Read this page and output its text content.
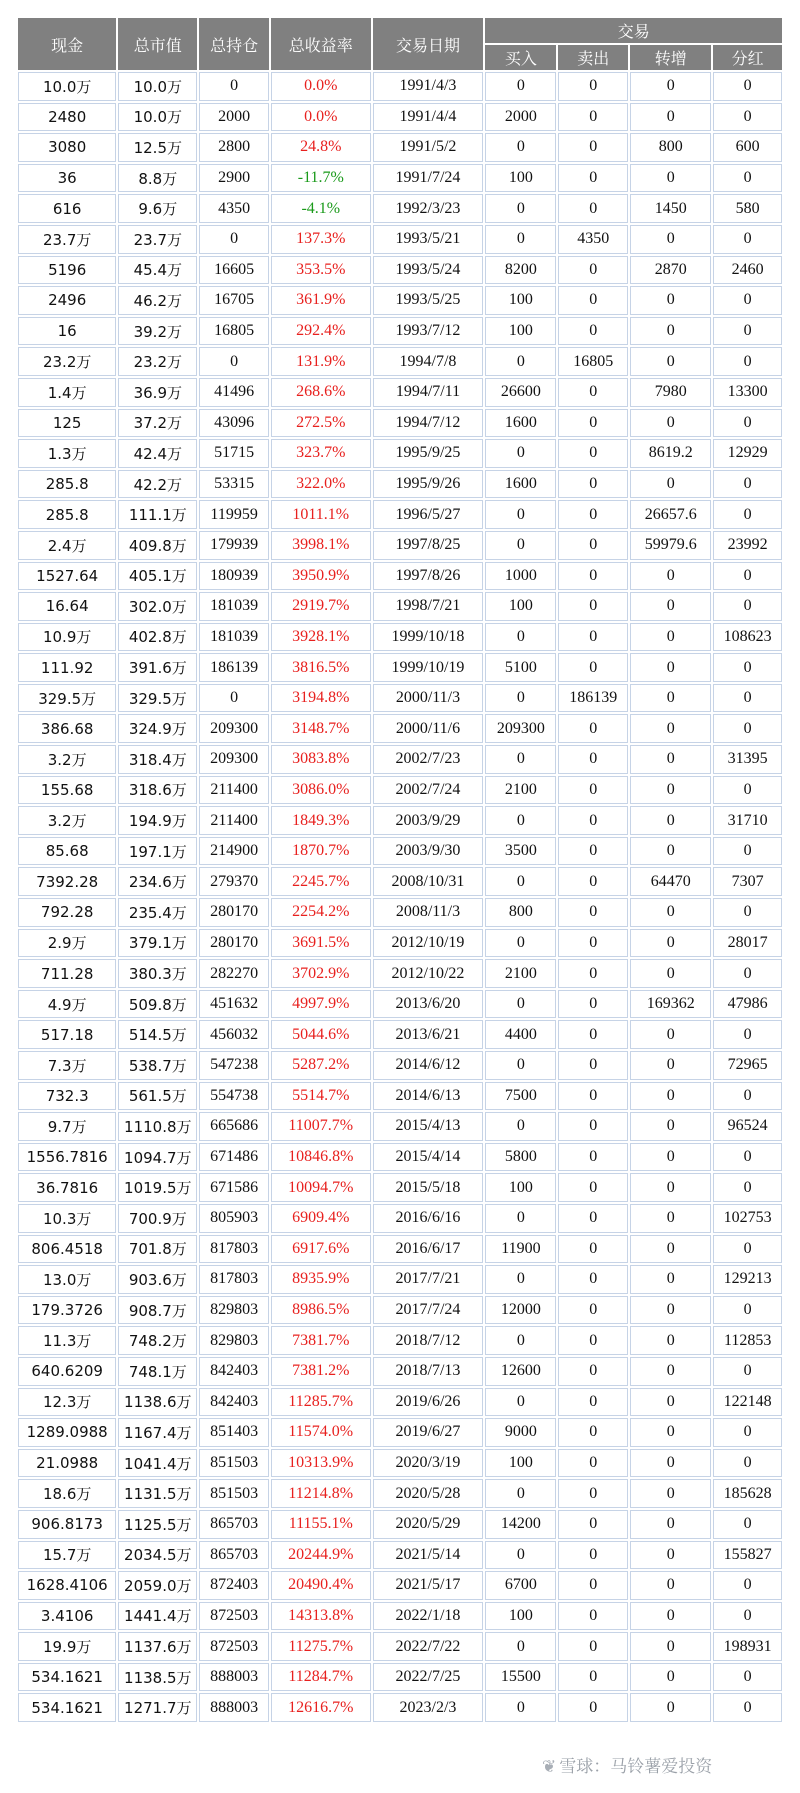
现金	总市值	总持仓	总收益率	交易日期	交易			
					买入	卖出	转增	分红
10.0万	10.0万	0	0.0%	1991/4/3	0	0	0	0
2480	10.0万	2000	0.0%	1991/4/4	2000	0	0	0
3080	12.5万	2800	24.8%	1991/5/2	0	0	800	600
36	8.8万	2900	-11.7%	1991/7/24	100	0	0	0
616	9.6万	4350	-4.1%	1992/3/23	0	0	1450	580
23.7万	23.7万	0	137.3%	1993/5/21	0	4350	0	0
5196	45.4万	16605	353.5%	1993/5/24	8200	0	2870	2460
2496	46.2万	16705	361.9%	1993/5/25	100	0	0	0
16	39.2万	16805	292.4%	1993/7/12	100	0	0	0
23.2万	23.2万	0	131.9%	1994/7/8	0	16805	0	0
1.4万	36.9万	41496	268.6%	1994/7/11	26600	0	7980	13300
125	37.2万	43096	272.5%	1994/7/12	1600	0	0	0
1.3万	42.4万	51715	323.7%	1995/9/25	0	0	8619.2	12929
285.8	42.2万	53315	322.0%	1995/9/26	1600	0	0	0
285.8	111.1万	119959	1011.1%	1996/5/27	0	0	26657.6	0
2.4万	409.8万	179939	3998.1%	1997/8/25	0	0	59979.6	23992
1527.64	405.1万	180939	3950.9%	1997/8/26	1000	0	0	0
16.64	302.0万	181039	2919.7%	1998/7/21	100	0	0	0
10.9万	402.8万	181039	3928.1%	1999/10/18	0	0	0	108623
111.92	391.6万	186139	3816.5%	1999/10/19	5100	0	0	0
329.5万	329.5万	0	3194.8%	2000/11/3	0	186139	0	0
386.68	324.9万	209300	3148.7%	2000/11/6	209300	0	0	0
3.2万	318.4万	209300	3083.8%	2002/7/23	0	0	0	31395
155.68	318.6万	211400	3086.0%	2002/7/24	2100	0	0	0
3.2万	194.9万	211400	1849.3%	2003/9/29	0	0	0	31710
85.68	197.1万	214900	1870.7%	2003/9/30	3500	0	0	0
7392.28	234.6万	279370	2245.7%	2008/10/31	0	0	64470	7307
792.28	235.4万	280170	2254.2%	2008/11/3	800	0	0	0
2.9万	379.1万	280170	3691.5%	2012/10/19	0	0	0	28017
711.28	380.3万	282270	3702.9%	2012/10/22	2100	0	0	0
4.9万	509.8万	451632	4997.9%	2013/6/20	0	0	169362	47986
517.18	514.5万	456032	5044.6%	2013/6/21	4400	0	0	0
7.3万	538.7万	547238	5287.2%	2014/6/12	0	0	0	72965
732.3	561.5万	554738	5514.7%	2014/6/13	7500	0	0	0
9.7万	1110.8万	665686	11007.7%	2015/4/13	0	0	0	96524
1556.7816	1094.7万	671486	10846.8%	2015/4/14	5800	0	0	0
36.7816	1019.5万	671586	10094.7%	2015/5/18	100	0	0	0
10.3万	700.9万	805903	6909.4%	2016/6/16	0	0	0	102753
806.4518	701.8万	817803	6917.6%	2016/6/17	11900	0	0	0
13.0万	903.6万	817803	8935.9%	2017/7/21	0	0	0	129213
179.3726	908.7万	829803	8986.5%	2017/7/24	12000	0	0	0
11.3万	748.2万	829803	7381.7%	2018/7/12	0	0	0	112853
640.6209	748.1万	842403	7381.2%	2018/7/13	12600	0	0	0
12.3万	1138.6万	842403	11285.7%	2019/6/26	0	0	0	122148
1289.0988	1167.4万	851403	11574.0%	2019/6/27	9000	0	0	0
21.0988	1041.4万	851503	10313.9%	2020/3/19	100	0	0	0
18.6万	1131.5万	851503	11214.8%	2020/5/28	0	0	0	185628
906.8173	1125.5万	865703	11155.1%	2020/5/29	14200	0	0	0
15.7万	2034.5万	865703	20244.9%	2021/5/14	0	0	0	155827
1628.4106	2059.0万	872403	20490.4%	2021/5/17	6700	0	0	0
3.4106	1441.4万	872503	14313.8%	2022/1/18	100	0	0	0
19.9万	1137.6万	872503	11275.7%	2022/7/22	0	0	0	198931
534.1621	1138.5万	888003	11284.7%	2022/7/25	15500	0	0	0
534.1621	1271.7万	888003	12616.7%	2023/2/3	0	0	0	0
❦ 雪球：马铃薯爱投资
